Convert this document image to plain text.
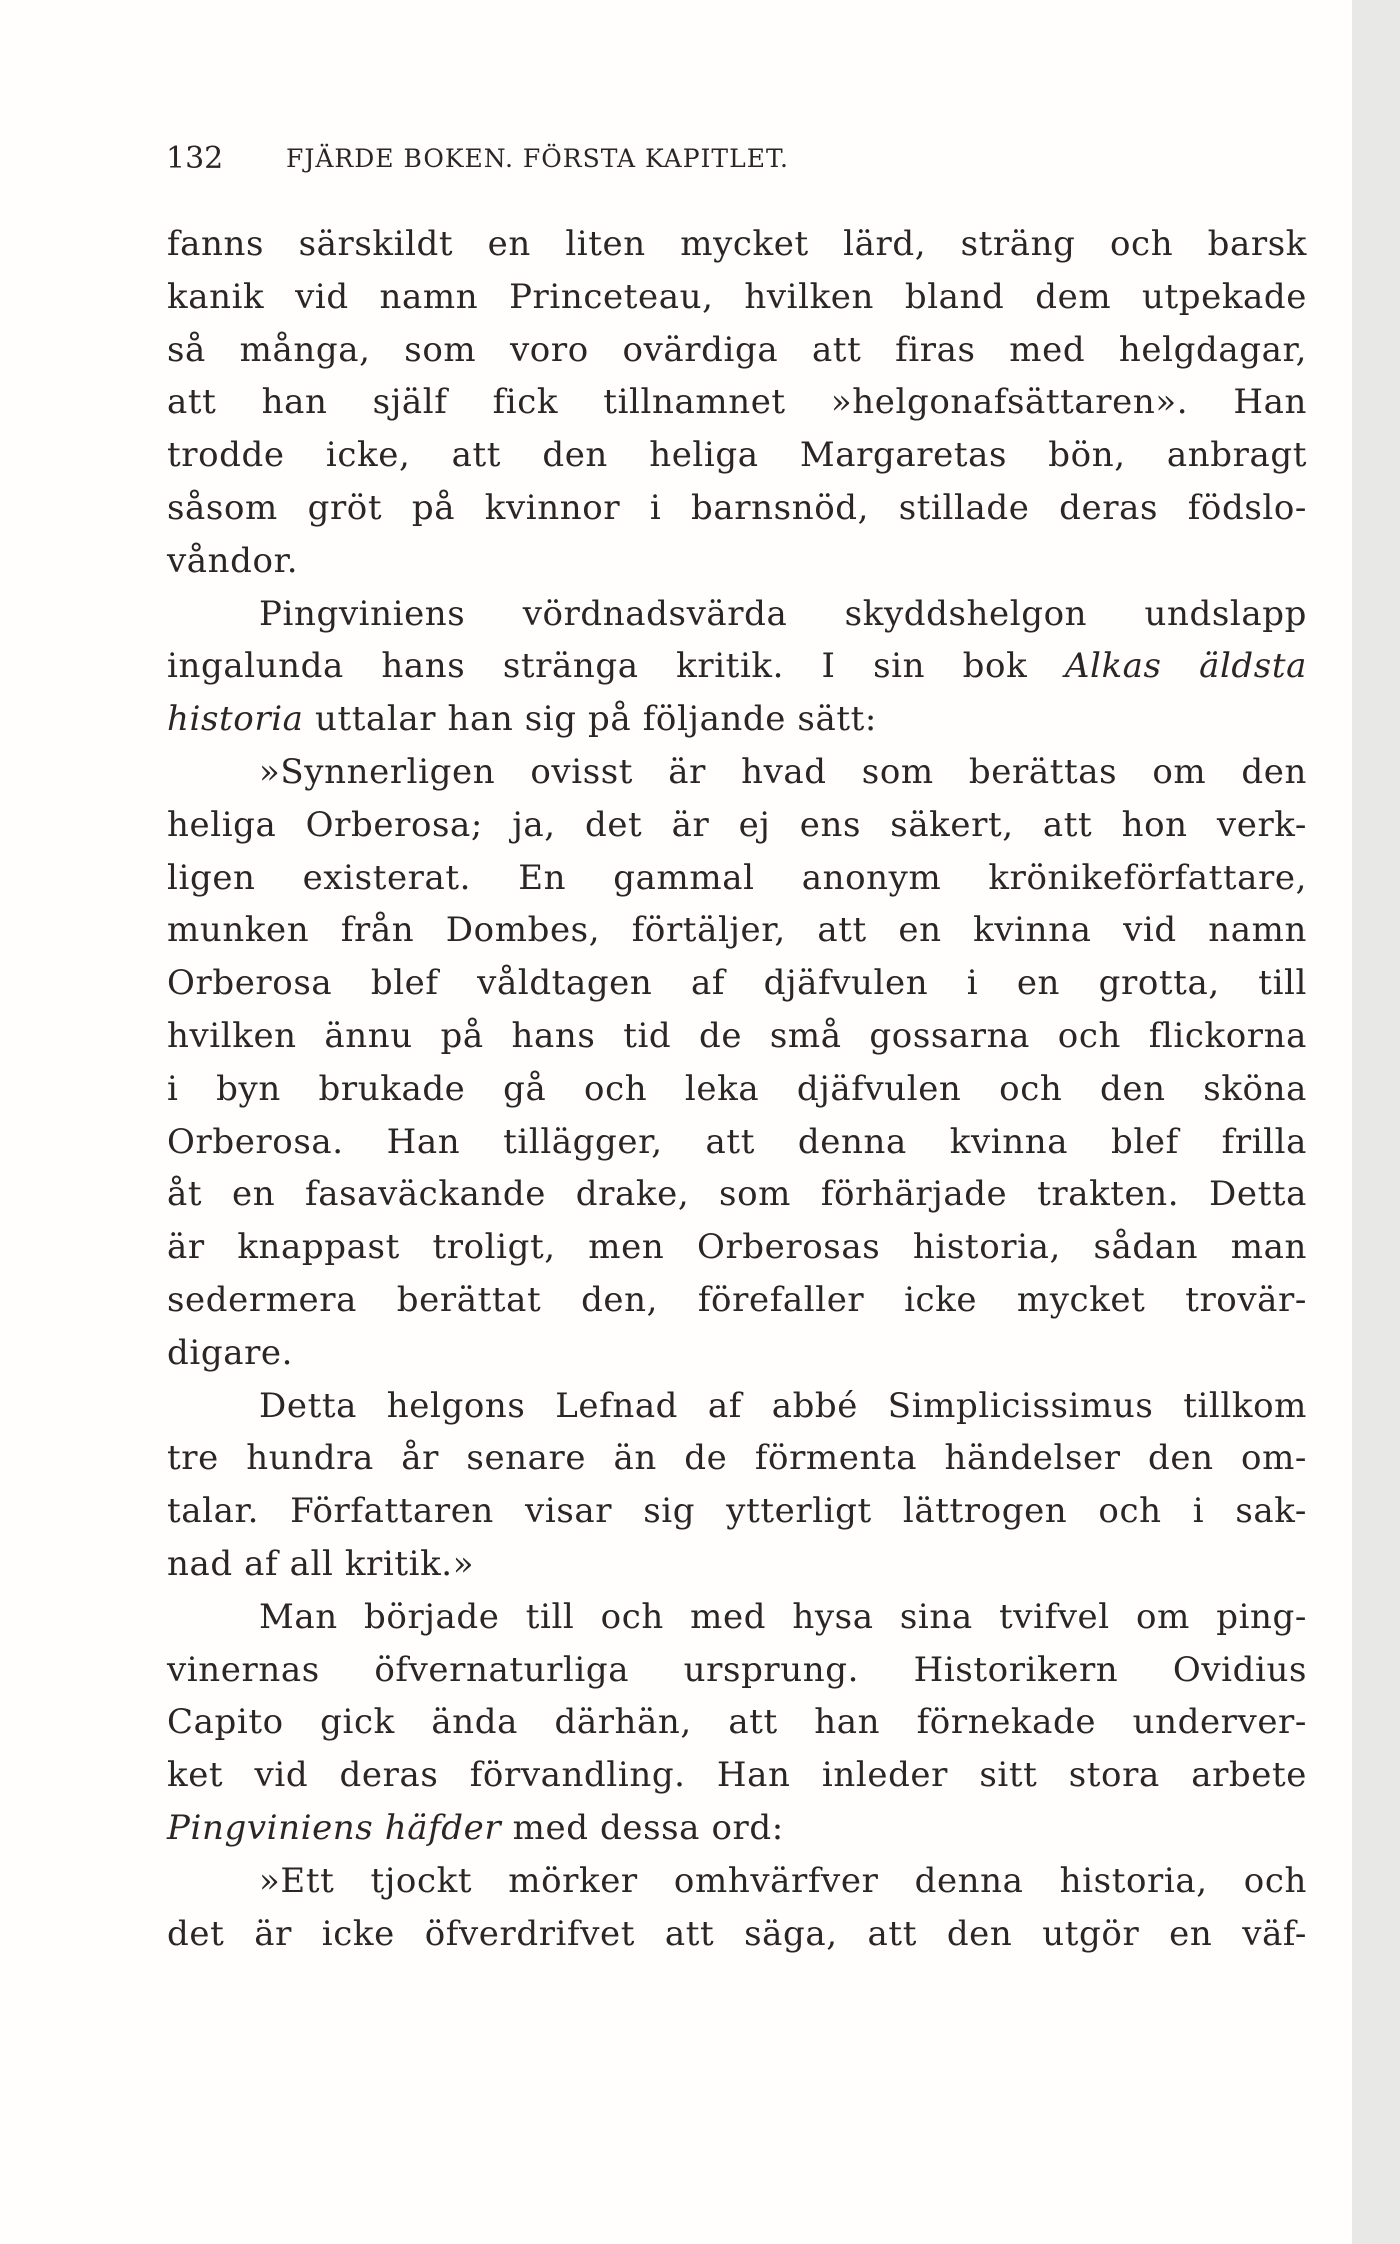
132	FJÄRDE BOKEN. FÖRSTA KAPITLET.
fanns särskildt en liten mycket lärd, sträng och barsk
kanik vid namn Princeteau, hvilken bland dem utpekade
så många, som voro ovärdiga att firas med helgdagar,
att han själf fick tillnamnet »helgonafsättaren». Han
trodde icke, att den heliga Margaretas bön, anbragt
såsom gröt på kvinnor i barnsnöd, stillade deras födslo-
våndor.
Pingviniens vördnadsvärda skyddshelgon undslapp
ingalunda hans stränga kritik. I sin bok Alkas äldsta
historia uttalar han sig på följande sätt:
»Synnerligen ovisst är hvad som berättas om den
heliga Orberosa; ja, det är ej ens säkert, att hon verk-
ligen existerat. En gammal anonym krönikeförfattare,
munken från Dombes, förtäljer, att en kvinna vid namn
Orberosa blef våldtagen af djäfvulen i en grotta, till
hvilken ännu på hans tid de små gossarna och flickorna
i byn brukade gå och leka djäfvulen och den sköna
Orberosa. Han tillägger, att denna kvinna blef frilla
åt en fasaväckande drake, som förhärjade trakten. Detta
är knappast troligt, men Orberosas historia, sådan man
sedermera berättat den, förefaller icke mycket trovär-
digare.
Detta helgons Lefnad af abbé Simplicissimus tillkom
tre hundra år senare än de förmenta händelser den om-
talar. Författaren visar sig ytterligt lättrogen och i sak-
nad af all kritik.»
Man började till och med hysa sina tvifvel om ping-
vinernas öfvernaturliga ursprung. Historikern Ovidius
Capito gick ända därhän, att han förnekade underver-
ket vid deras förvandling. Han inleder sitt stora arbete
Pingviniens häfder med dessa ord:
»Ett tjockt mörker omhvärfver denna historia, och
det är icke öfverdrifvet att säga, att den utgör en väf-
